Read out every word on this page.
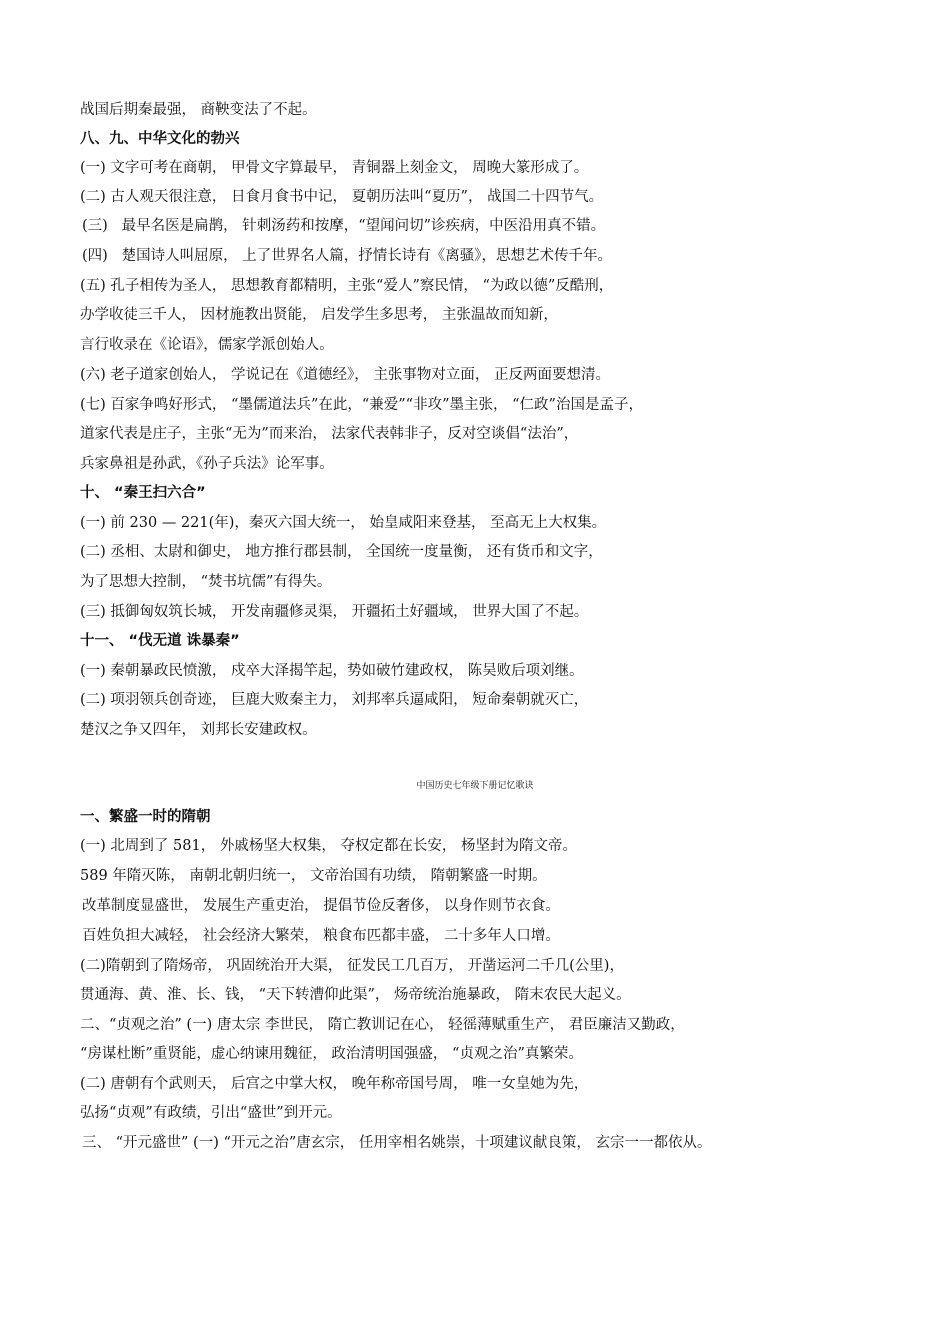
战国后期秦最强， 商鞅变法了不起。
八、九、中华文化的勃兴
(一) 文字可考在商朝， 甲骨文字算最早， 青铜器上刻金文， 周晚大篆形成了。
(二) 古人观天很注意， 日食月食书中记， 夏朝历法叫“夏历”， 战国二十四节气。
(三)   最早名医是扁鹊， 针刺汤药和按摩，“望闻问切”诊疾病，中医沿用真不错。
(四)   楚国诗人叫屈原， 上了世界名人篇，抒情长诗有《离骚》，思想艺术传千年。
(五) 孔子相传为圣人， 思想教育都精明，主张“爱人”察民情， “为政以德”反酷刑，
办学收徒三千人， 因材施教出贤能， 启发学生多思考， 主张温故而知新，
言行收录在《论语》，儒家学派创始人。
(六) 老子道家创始人， 学说记在《道德经》， 主张事物对立面， 正反两面要想清。
(七) 百家争鸣好形式， “墨儒道法兵”在此，“兼爱”“非攻”墨主张， “仁政”治国是孟子，
道家代表是庄子，主张“无为”而来治， 法家代表韩非子，反对空谈倡“法治”，
兵家鼻祖是孙武，《孙子兵法》论军事。
十、 “秦王扫六合”
(一) 前 230 — 221(年)，秦灭六国大统一， 始皇咸阳来登基， 至高无上大权集。
(二) 丞相、太尉和御史， 地方推行郡县制， 全国统一度量衡， 还有货币和文字，
为了思想大控制， “焚书坑儒”有得失。
(三) 抵御匈奴筑长城， 开发南疆修灵渠， 开疆拓土好疆域， 世界大国了不起。
十一、 “伐无道 诛暴秦”
(一) 秦朝暴政民愤激， 戍卒大泽揭竿起，势如破竹建政权， 陈吴败后项刘继。
(二) 项羽领兵创奇迹， 巨鹿大败秦主力， 刘邦率兵逼咸阳， 短命秦朝就灭亡，
楚汉之争又四年， 刘邦长安建政权。
中国历史七年级下册记忆歌诀
一、繁盛一时的隋朝
(一) 北周到了 581， 外戚杨坚大权集， 夺权定都在长安， 杨坚封为隋文帝。
589 年隋灭陈， 南朝北朝归统一， 文帝治国有功绩， 隋朝繁盛一时期。
改革制度显盛世， 发展生产重吏治， 提倡节俭反奢侈， 以身作则节衣食。
百姓负担大减轻， 社会经济大繁荣， 粮食布匹都丰盛， 二十多年人口增。
(二)隋朝到了隋炀帝， 巩固统治开大渠， 征发民工几百万， 开凿运河二千几(公里)，
贯通海、黄、淮、长、钱， “天下转漕仰此渠”， 炀帝统治施暴政， 隋末农民大起义。
二、“贞观之治” (一) 唐太宗 李世民， 隋亡教训记在心， 轻徭薄赋重生产， 君臣廉洁又勤政，
“房谋杜断”重贤能，虚心纳谏用魏征， 政治清明国强盛， “贞观之治”真繁荣。
(二) 唐朝有个武则天， 后宫之中掌大权， 晚年称帝国号周， 唯一女皇她为先，
弘扬“贞观”有政绩，引出“盛世”到开元。
三、 “开元盛世” (一) “开元之治”唐玄宗， 任用宰相名姚崇，十项建议献良策， 玄宗一一都依从。
